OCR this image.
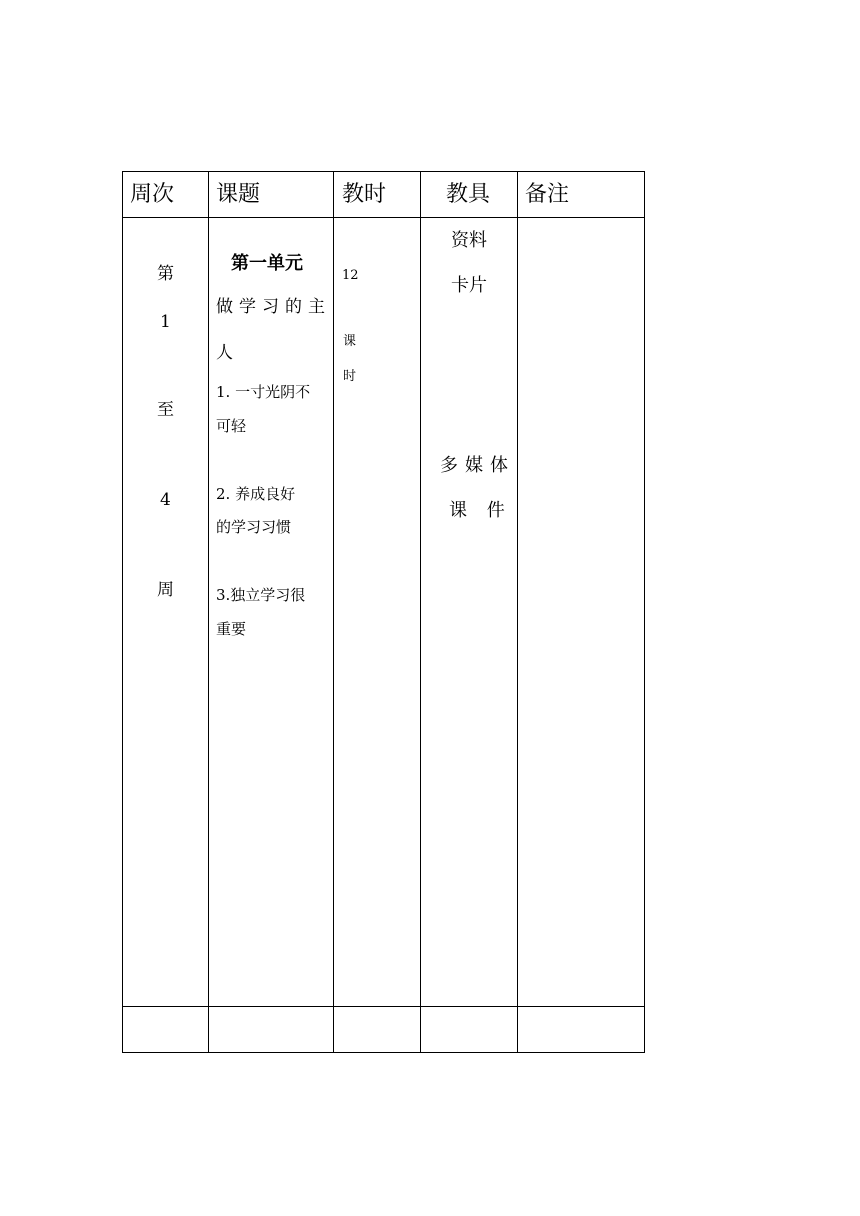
周次 课题	教时	教具 备注
第
1
至
4
周
第一单元
做学习的主
人
1. 一寸光阴不
可轻
2. 养成良好
的学习习惯
3.独立学习很
重要
12
课
时
资料
卡片
多媒体
课 件
